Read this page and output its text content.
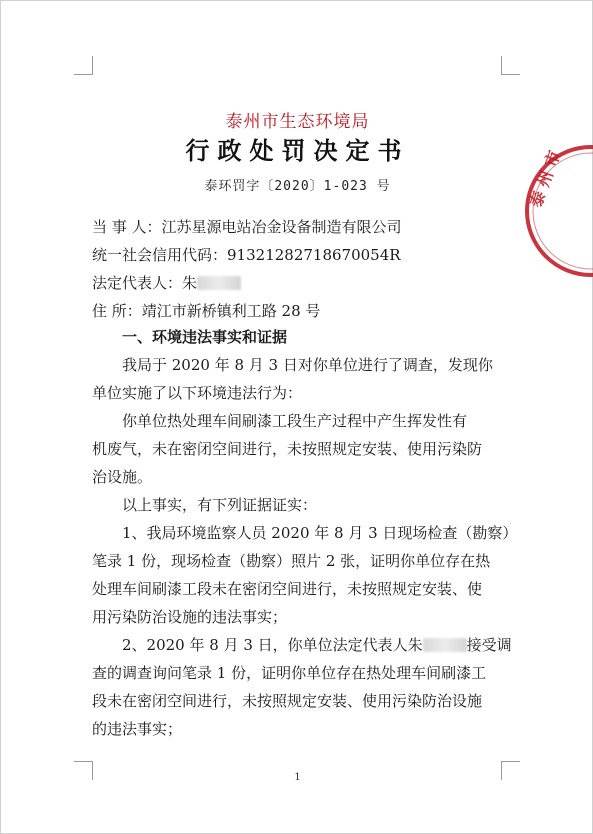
泰州市生态环境局
行政处罚决定书
泰环罚字〔2020〕1-023 号	泰 州 市
当 事 人：江苏星源电站冶金设备制造有限公司
统一社会信用代码：91321282718670054R
法定代表人：朱
住 所：靖江市新桥镇利工路 28 号
一、环境违法事实和证据
我局于 2020 年 8 月 3 日对你单位进行了调查，发现你
单位实施了以下环境违法行为：
你单位热处理车间刷漆工段生产过程中产生挥发性有
机废气，未在密闭空间进行，未按照规定安装、使用污染防
治设施。
以上事实，有下列证据证实：
1、我局环境监察人员 2020 年 8 月 3 日现场检查（勘察）
笔录 1 份，现场检查（勘察）照片 2 张，证明你单位存在热
处理车间刷漆工段未在密闭空间进行，未按照规定安装、使
用污染防治设施的违法事实；
2、2020 年 8 月 3 日，你单位法定代表人朱	接受调
查的调查询问笔录 1 份，证明你单位存在热处理车间刷漆工
段未在密闭空间进行，未按照规定安装、使用污染防治设施
的违法事实；
1
